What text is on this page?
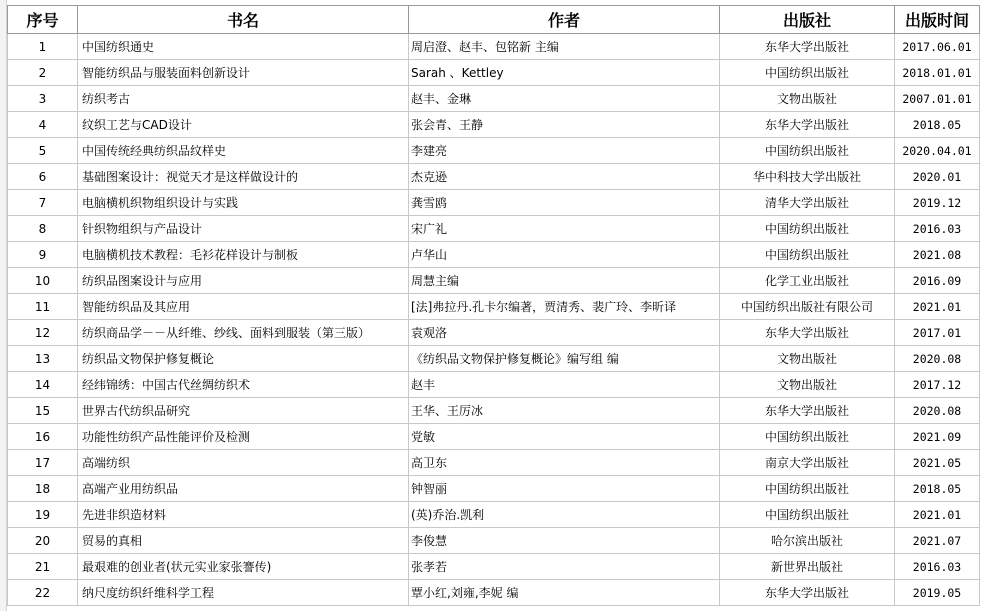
序号	书名	作者	出版社	出版时间
1	中国纺织通史	周启澄、赵丰、包铭新 主编	东华大学出版社	2017.06.01
2	智能纺织品与服装面料创新设计	Sarah 、Kettley	中国纺织出版社	2018.01.01
3	纺织考古	赵丰、金琳	文物出版社	2007.01.01
4	纹织工艺与CAD设计	张会青、王静	东华大学出版社	2018.05
5	中国传统经典纺织品纹样史	李建亮	中国纺织出版社	2020.04.01
6	基础图案设计：视觉天才是这样做设计的	杰克逊	华中科技大学出版社	2020.01
7	电脑横机织物组织设计与实践	龚雪鸥	清华大学出版社	2019.12
8	针织物组织与产品设计	宋广礼	中国纺织出版社	2016.03
9	电脑横机技术教程：毛衫花样设计与制板	卢华山	中国纺织出版社	2021.08
10	纺织品图案设计与应用	周慧主编	化学工业出版社	2016.09
11	智能纺织品及其应用	[法]弗拉丹.孔卡尔编著，贾清秀、裴广玲、李昕译	中国纺织出版社有限公司	2021.01
12	纺织商品学－－从纤维、纱线、面料到服装（第三版）	袁观洛	东华大学出版社	2017.01
13	纺织品文物保护修复概论	《纺织品文物保护修复概论》编写组 编	文物出版社	2020.08
14	经纬锦绣：中国古代丝绸纺织术	赵丰	文物出版社	2017.12
15	世界古代纺织品研究	王华、王厉冰	东华大学出版社	2020.08
16	功能性纺织产品性能评价及检测	党敏	中国纺织出版社	2021.09
17	高端纺织	高卫东	南京大学出版社	2021.05
18	高端产业用纺织品	钟智丽	中国纺织出版社	2018.05
19	先进非织造材料	(英)乔治.凯利	中国纺织出版社	2021.01
20	贸易的真相	李俊慧	哈尔滨出版社	2021.07
21	最艰难的创业者(状元实业家张謇传)	张孝若	新世界出版社	2016.03
22	纳尺度纺织纤维科学工程	覃小红,刘雍,李妮 编	东华大学出版社	2019.05
